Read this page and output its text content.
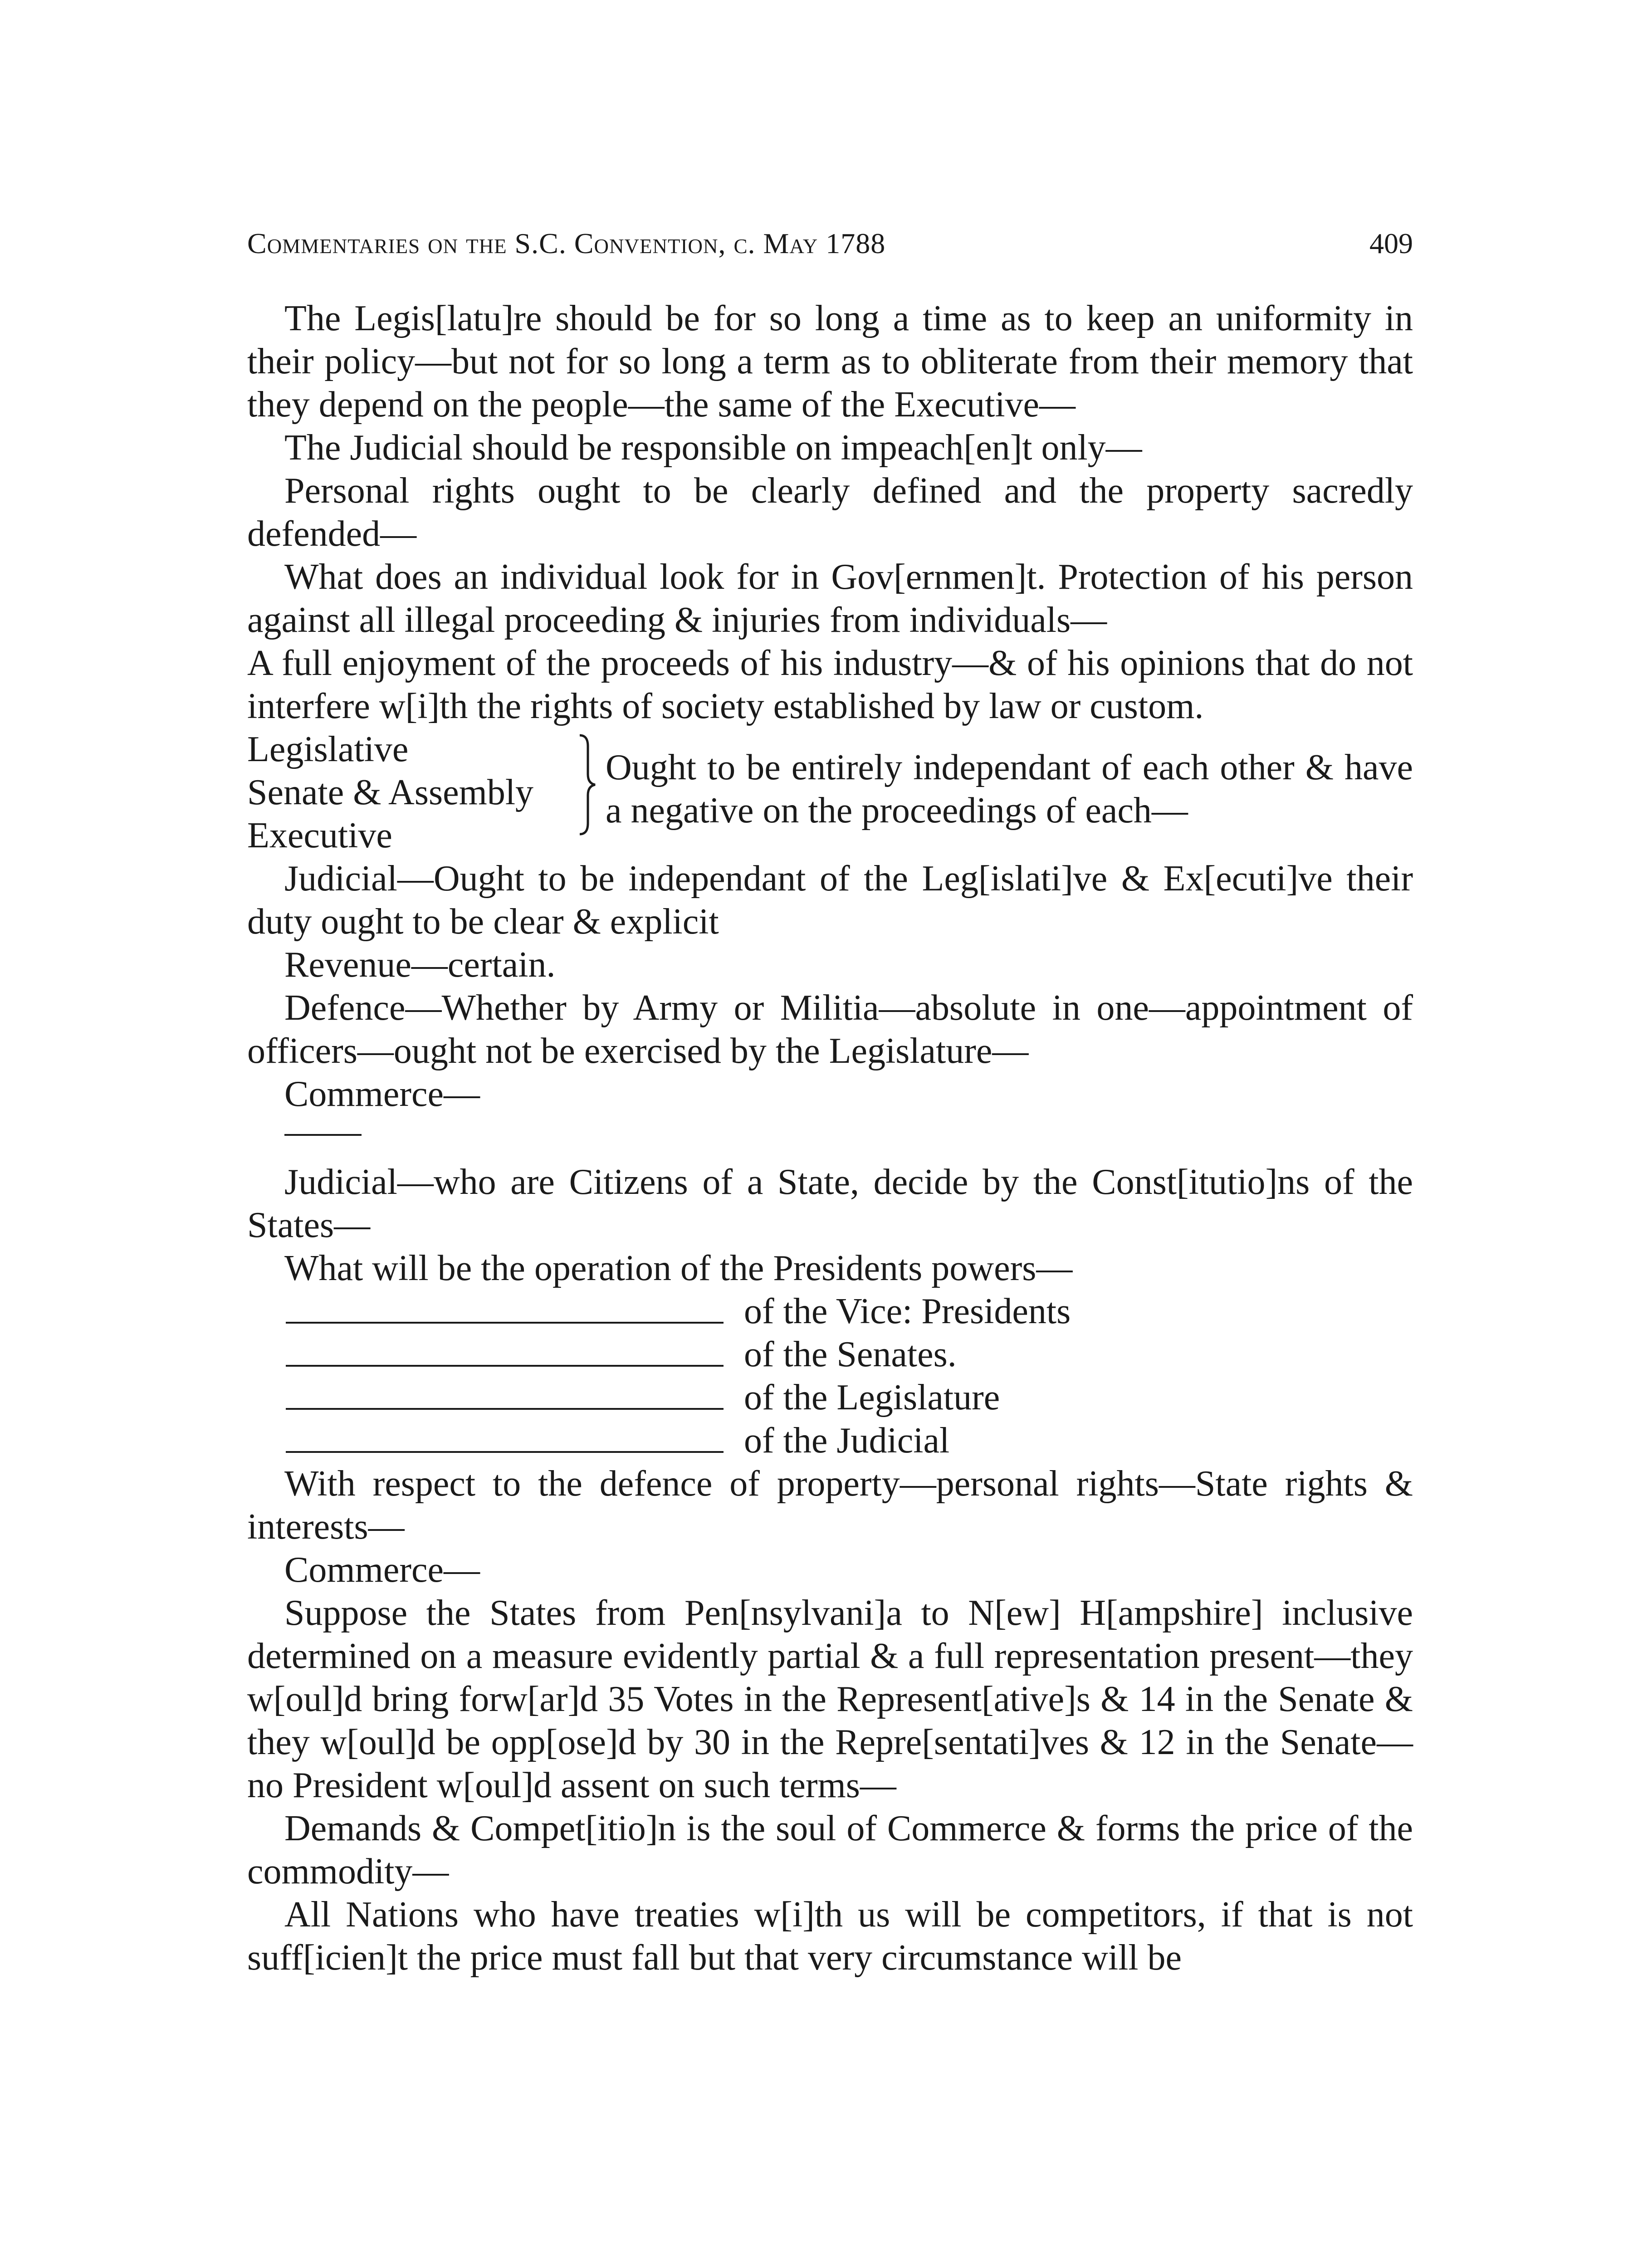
Commentaries on the S.C. Convention, c. May 1788	409

The Legis[latu]re should be for so long a time as to keep an uniformity in their policy—but not for so long a term as to obliterate from their memory that they depend on the people—the same of the Executive—

The Judicial should be responsible on impeach[en]t only—

Personal rights ought to be clearly defined and the property sacredly defended—

What does an individual look for in Gov[ernmen]t. Protection of his person against all illegal proceeding & injuries from individuals—

A full enjoyment of the proceeds of his industry—& of his opinions that do not interfere w[i]th the rights of society established by law or custom.

Legislative
Senate & Assembly
Executive
Ought to be entirely independant of each other & have a negative on the proceedings of each—

Judicial—Ought to be independant of the Leg[islati]ve & Ex[ecuti]ve their duty ought to be clear & explicit

Revenue—certain.

Defence—Whether by Army or Militia—absolute in one—appointment of officers—ought not be exercised by the Legislature—

Commerce—

Judicial—who are Citizens of a State, decide by the Const[itutio]ns of the States—

What will be the operation of the Presidents powers—

of the Vice: Presidents
of the Senates.
of the Legislature
of the Judicial

With respect to the defence of property—personal rights—State rights & interests—

Commerce—

Suppose the States from Pen[nsylvani]a to N[ew] H[ampshire] inclusive determined on a measure evidently partial & a full representation present—they w[oul]d bring forw[ar]d 35 Votes in the Represent[ative]s & 14 in the Senate & they w[oul]d be opp[ose]d by 30 in the Repre[sentati]ves & 12 in the Senate—no President w[oul]d assent on such terms—

Demands & Compet[itio]n is the soul of Commerce & forms the price of the commodity—

All Nations who have treaties w[i]th us will be competitors, if that is not suff[icien]t the price must fall but that very circumstance will be
